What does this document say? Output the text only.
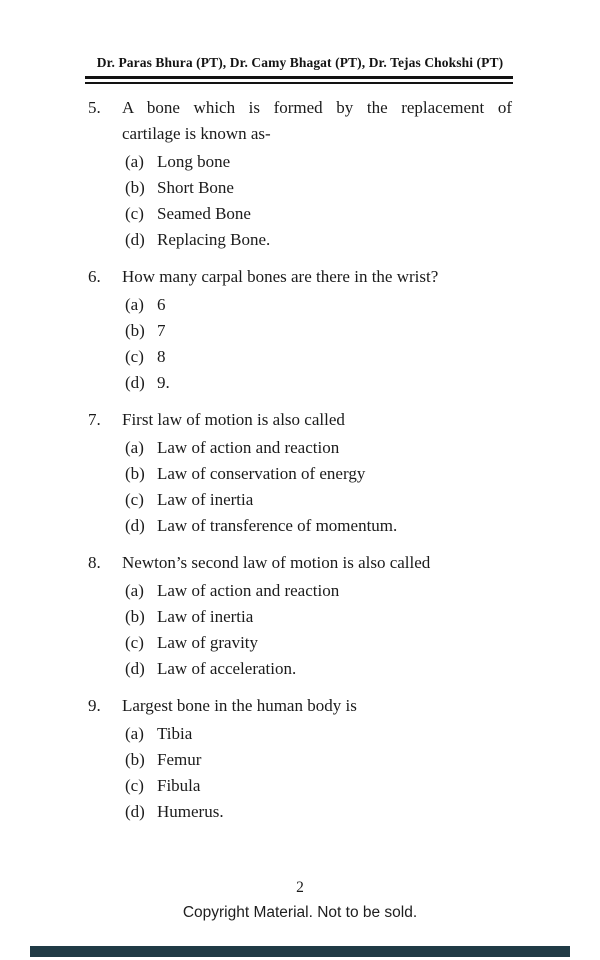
Dr. Paras Bhura (PT), Dr. Camy Bhagat (PT), Dr. Tejas Chokshi (PT)
5.	A bone which is formed by the replacement of
cartilage is known as-
(a) Long bone
(b) Short Bone
(c) Seamed Bone
(d) Replacing Bone.
6.	How many carpal bones are there in the wrist?
(a) 6
(b) 7
(c) 8
(d) 9.
7.	First law of motion is also called
(a) Law of action and reaction
(b) Law of conservation of energy
(c) Law of inertia
(d) Law of transference of momentum.
8.	Newton’s second law of motion is also called
(a) Law of action and reaction
(b) Law of inertia
(c) Law of gravity
(d) Law of acceleration.
9.	Largest bone in the human body is
(a) Tibia
(b) Femur
(c) Fibula
(d) Humerus.
2
Copyright Material. Not to be sold.
